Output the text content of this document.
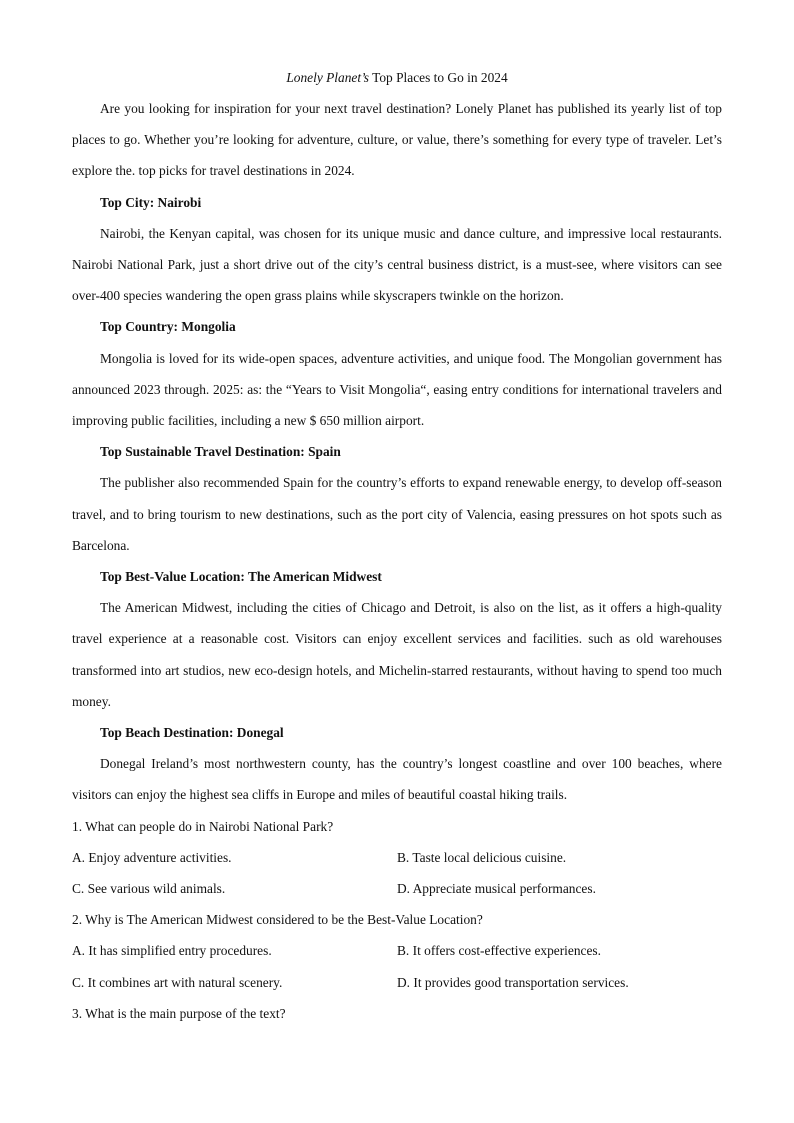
Lonely Planet’s Top Places to Go in 2024

Are you looking for inspiration for your next travel destination? Lonely Planet has published its yearly list of top places to go. Whether you’re looking for adventure, culture, or value, there’s something for every type of traveler. Let’s explore the. top picks for travel destinations in 2024.

Top City: Nairobi

Nairobi, the Kenyan capital, was chosen for its unique music and dance culture, and impressive local restaurants. Nairobi National Park, just a short drive out of the city’s central business district, is a must-see, where visitors can see over-400 species wandering the open grass plains while skyscrapers twinkle on the horizon.

Top Country: Mongolia

Mongolia is loved for its wide-open spaces, adventure activities, and unique food. The Mongolian government has announced 2023 through. 2025: as: the “Years to Visit Mongolia“, easing entry conditions for international travelers and improving public facilities, including a new $ 650 million airport.

Top Sustainable Travel Destination: Spain

The publisher also recommended Spain for the country’s efforts to expand renewable energy, to develop off-season travel, and to bring tourism to new destinations, such as the port city of Valencia, easing pressures on hot spots such as Barcelona.

Top Best-Value Location: The American Midwest

The American Midwest, including the cities of Chicago and Detroit, is also on the list, as it offers a high-quality travel experience at a reasonable cost. Visitors can enjoy excellent services and facilities. such as old warehouses transformed into art studios, new eco-design hotels, and Michelin-starred restaurants, without having to spend too much money.

Top Beach Destination: Donegal

Donegal Ireland’s most northwestern county, has the country’s longest coastline and over 100 beaches, where visitors can enjoy the highest sea cliffs in Europe and miles of beautiful coastal hiking trails.

1. What can people do in Nairobi National Park?

A. Enjoy adventure activities.	B. Taste local delicious cuisine.
C. See various wild animals.	D. Appreciate musical performances.

2. Why is The American Midwest considered to be the Best-Value Location?

A. It has simplified entry procedures.	B. It offers cost-effective experiences.
C. It combines art with natural scenery.	D. It provides good transportation services.

3. What is the main purpose of the text?
